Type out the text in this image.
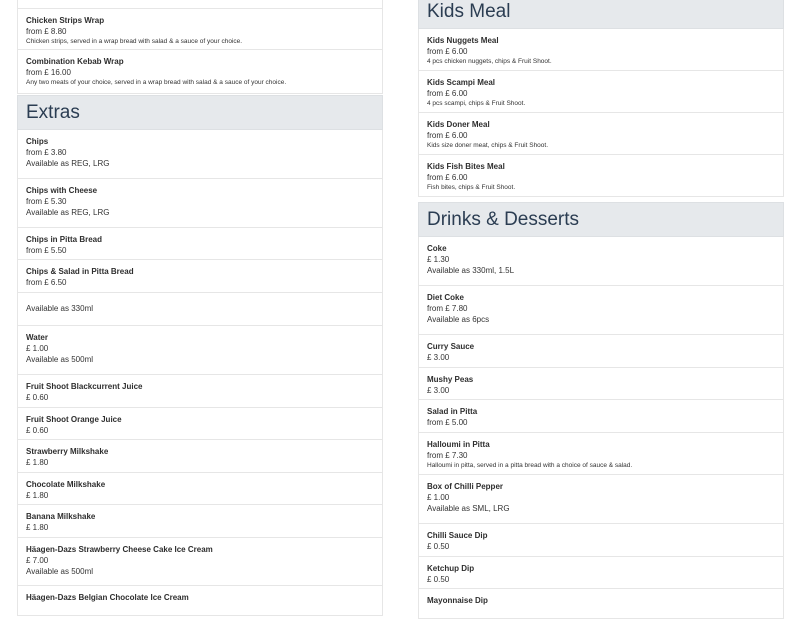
Chicken Strips Wrap
from £ 8.80
Chicken strips, served in a wrap bread with salad & a sauce of your choice.
Combination Kebab Wrap
from £ 16.00
Any two meats of your choice, served in a wrap bread with salad & a sauce of your choice.
Extras
Chips
from £ 3.80
Available as REG, LRG
Chips with Cheese
from £ 5.30
Available as REG, LRG
Chips in Pitta Bread
from £ 5.50
Chips & Salad in Pitta Bread
from £ 6.50
Available as 330ml
Water
£ 1.00
Available as 500ml
Fruit Shoot Blackcurrent Juice
£ 0.60
Fruit Shoot Orange Juice
£ 0.60
Strawberry Milkshake
£ 1.80
Chocolate Milkshake
£ 1.80
Banana Milkshake
£ 1.80
Häagen-Dazs Strawberry Cheese Cake Ice Cream
£ 7.00
Available as 500ml
Häagen-Dazs Belgian Chocolate Ice Cream
Kids Meal
Kids Nuggets Meal
from £ 6.00
4 pcs chicken nuggets, chips & Fruit Shoot.
Kids Scampi Meal
from £ 6.00
4 pcs scampi, chips & Fruit Shoot.
Kids Doner Meal
from £ 6.00
Kids size doner meat, chips & Fruit Shoot.
Kids Fish Bites Meal
from £ 6.00
Fish bites, chips & Fruit Shoot.
Drinks & Desserts
Coke
£ 1.30
Available as 330ml, 1.5L
Diet Coke
from £ 7.80
Available as 6pcs
Curry Sauce
£ 3.00
Mushy Peas
£ 3.00
Salad in Pitta
from £ 5.00
Halloumi in Pitta
from £ 7.30
Halloumi in pitta, served in a pitta bread with a choice of sauce & salad.
Box of Chilli Pepper
£ 1.00
Available as SML, LRG
Chilli Sauce Dip
£ 0.50
Ketchup Dip
£ 0.50
Mayonnaise Dip
